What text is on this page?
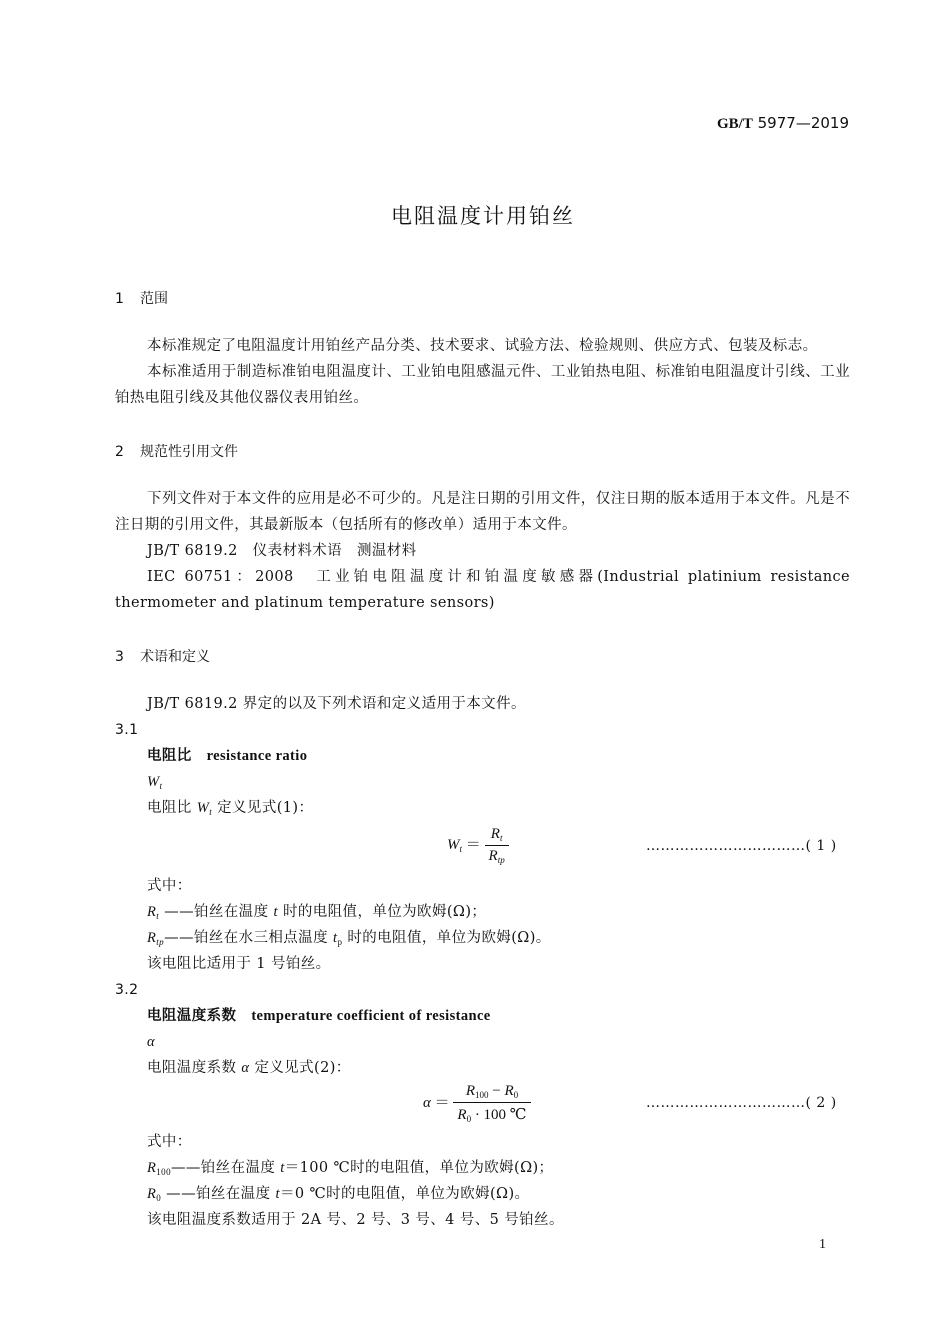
GB/T 5977—2019
电阻温度计用铂丝
1 范围
本标准规定了电阻温度计用铂丝产品分类、技术要求、试验方法、检验规则、供应方式、包装及标志。
本标准适用于制造标准铂电阻温度计、工业铂电阻感温元件、工业铂热电阻、标准铂电阻温度计引线、工业铂热电阻引线及其他仪器仪表用铂丝。
2 规范性引用文件
下列文件对于本文件的应用是必不可少的。凡是注日期的引用文件，仅注日期的版本适用于本文件。凡是不注日期的引用文件，其最新版本（包括所有的修改单）适用于本文件。
JB/T 6819.2　仪表材料术语　测温材料
IEC 60751：2008　工业铂电阻温度计和铂温度敏感器(Industrial platinium resistance thermometer and platinum temperature sensors)
3 术语和定义
JB/T 6819.2 界定的以及下列术语和定义适用于本文件。
3.1
电阻比　 resistance ratio
$W_t$
电阻比 $W_t$ 定义见式(1)：
$W_t = \frac{R_t}{R_{tp}}$	……………………………( 1 )
式中：
$R_t$ ——铂丝在温度 t 时的电阻值，单位为欧姆(Ω)；
$R_{tp}——$铂丝在水三相点温度 $t_p$ 时的电阻值，单位为欧姆(Ω)。
该电阻比适用于 1 号铂丝。
3.2
电阻温度系数　 temperature coefficient of resistance
α
电阻温度系数 α 定义见式(2)：
$\alpha = \frac{R_{100} - R_0}{R_0 \cdot 100 ℃}$	……………………………( 2 )
式中：
$R_{100}——$铂丝在温度 t＝100 ℃时的电阻值，单位为欧姆(Ω)；
$R_0$ ——铂丝在温度 t＝0 ℃时的电阻值，单位为欧姆(Ω)。
该电阻温度系数适用于 2A 号、2 号、3 号、4 号、5 号铂丝。
1
